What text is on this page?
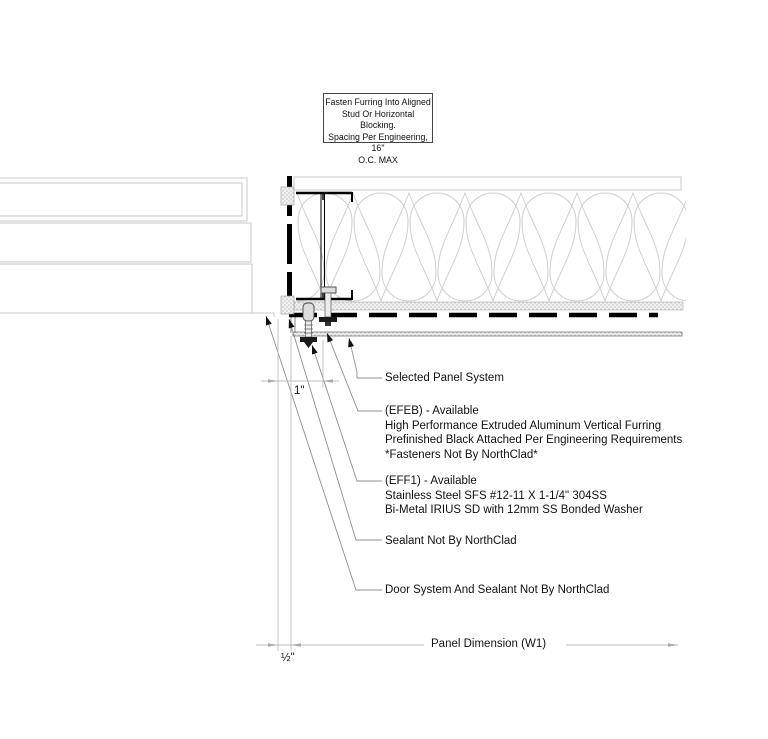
Fasten Furring Into Aligned
Stud Or Horizontal Blocking.
Spacing Per Engineering, 16"
O.C. MAX
Selected Panel System
(EFEB) - Available
High Performance Extruded Aluminum Vertical Furring
Prefinished Black Attached Per Engineering Requirements
*Fasteners Not By NorthClad*
(EFF1) - Available
Stainless Steel SFS #12-11 X 1-1/4" 304SS
Bi-Metal IRIUS SD with 12mm SS Bonded Washer
Sealant Not By NorthClad
Door System And Sealant Not By NorthClad
1"
½"
Panel Dimension (W1)
